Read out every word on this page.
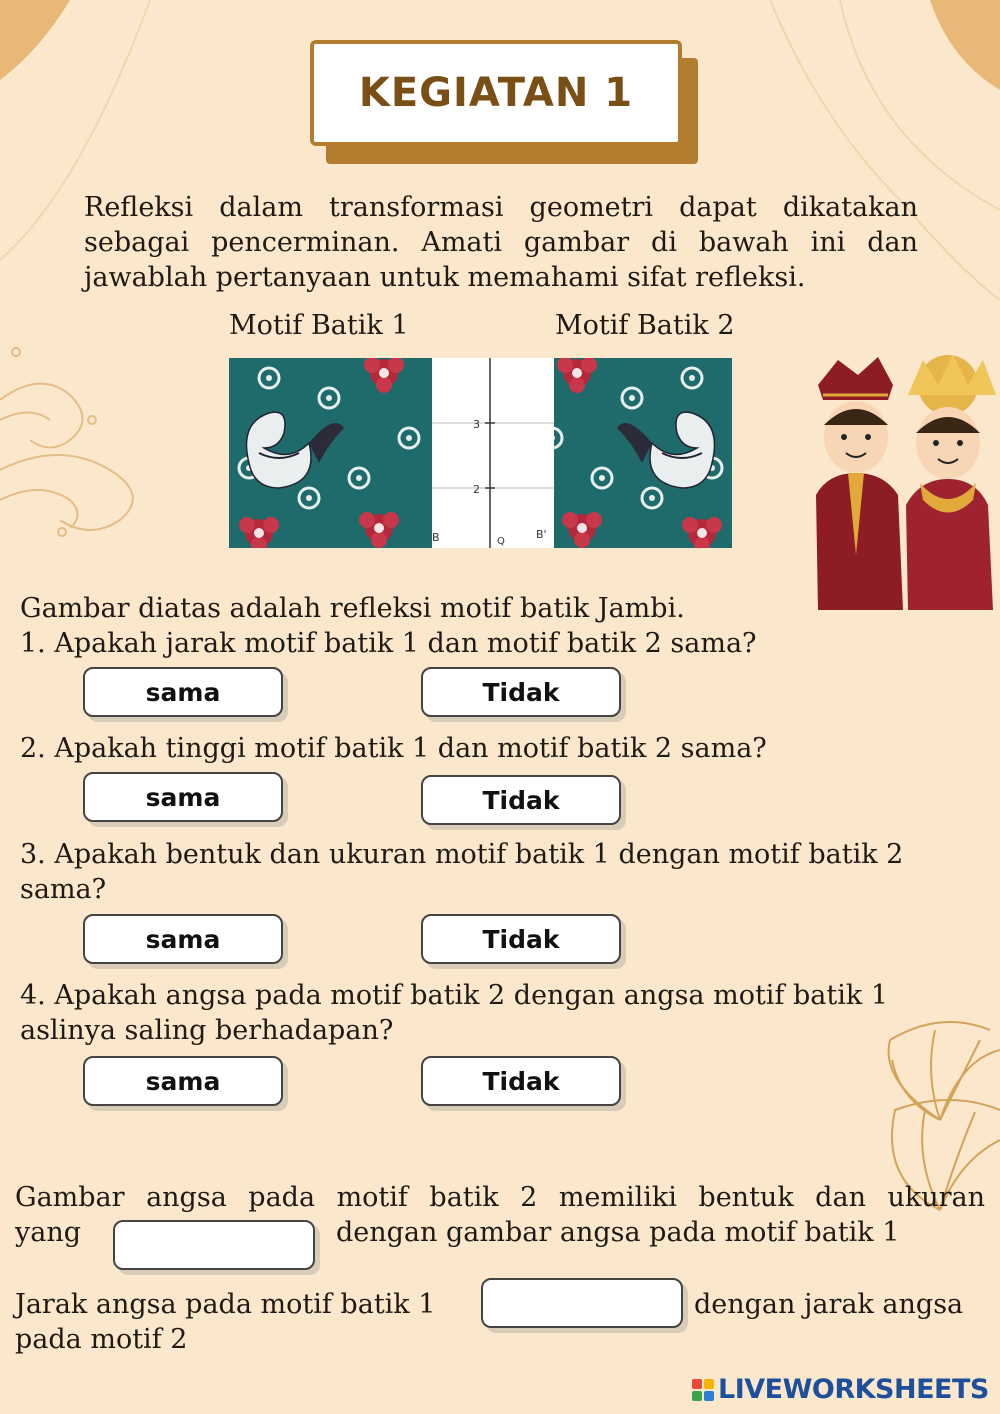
KEGIATAN 1
Refleksi dalam transformasi geometri dapat dikatakan sebagai pencerminan. Amati gambar di bawah ini dan jawablah pertanyaan untuk memahami sifat refleksi.
Motif Batik 1	Motif Batik 2
3
2
B	Q
B'
Gambar diatas adalah refleksi motif batik Jambi.
1. Apakah jarak motif batik 1 dan motif batik 2 sama?
sama	Tidak
2. Apakah tinggi motif batik 1 dan motif batik 2 sama?
sama	Tidak
3. Apakah bentuk dan ukuran motif batik 1 dengan motif batik 2 sama?
sama	Tidak
4. Apakah angsa pada motif batik 2 dengan angsa motif batik 1 aslinya saling berhadapan?
sama	Tidak
Gambar angsa pada motif batik 2 memiliki bentuk dan ukuran
yang	dengan gambar angsa pada motif batik 1
Jarak angsa pada motif batik 1	dengan jarak angsa
pada motif 2
LIVEWORKSHEETS
